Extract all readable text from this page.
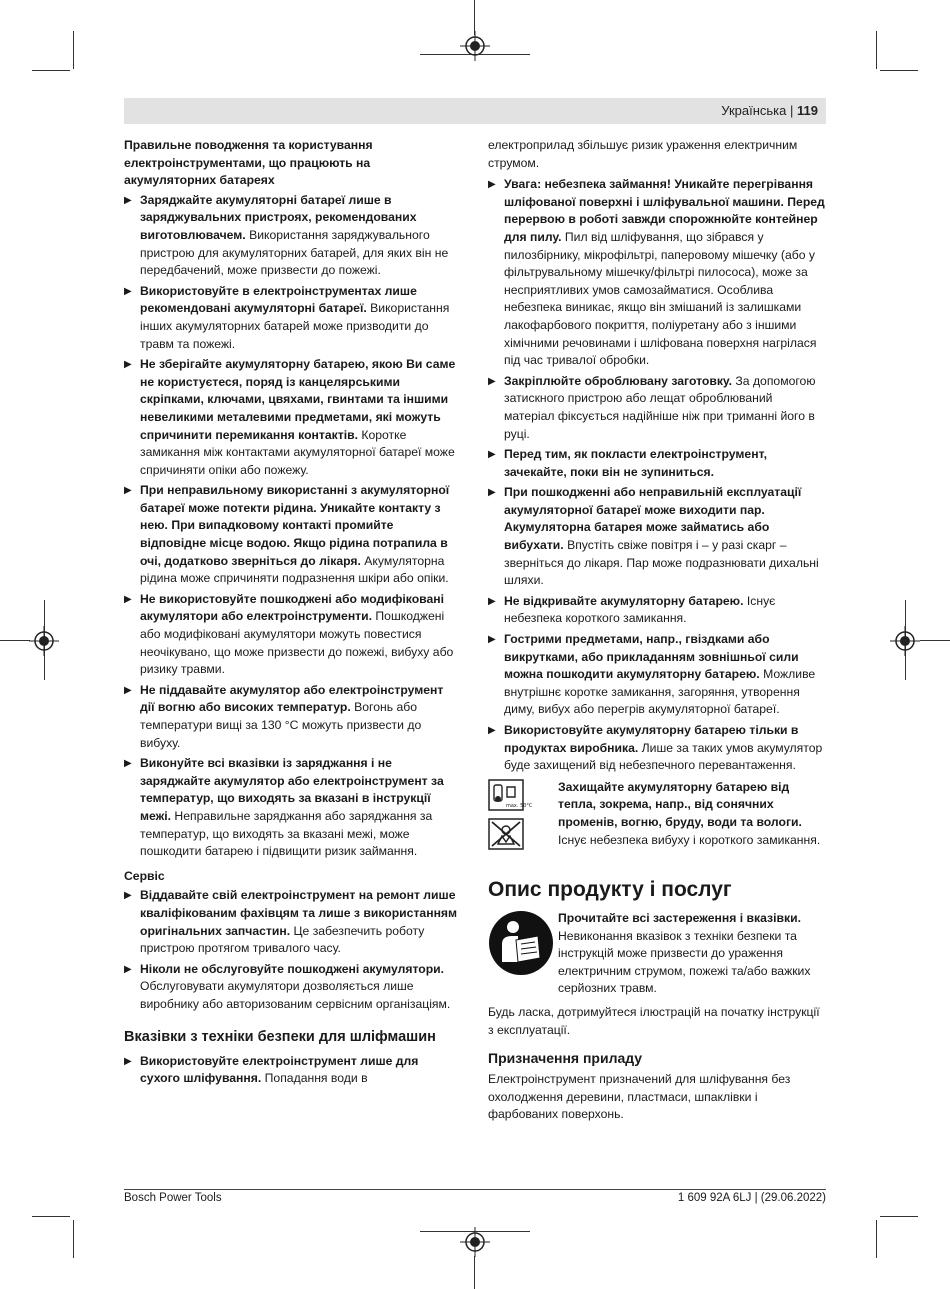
Українська | 119

Правильне поводження та користування електроінструментами, що працюють на акумуляторних батареях

▶ Заряджайте акумуляторні батареї лише в заряджувальних пристроях, рекомендованих виготовлювачем. Використання заряджувального пристрою для акумуляторних батарей, для яких він не передбачений, може призвести до пожежі.
▶ Використовуйте в електроінструментах лише рекомендовані акумуляторні батареї. Використання інших акумуляторних батарей може призводити до травм та пожежі.
▶ Не зберігайте акумуляторну батарею, якою Ви саме не користуєтеся, поряд із канцелярськими скріпками, ключами, цвяхами, гвинтами та іншими невеликими металевими предметами, які можуть спричинити перемикання контактів. Коротке замикання між контактами акумуляторної батареї може спричиняти опіки або пожежу.
▶ При неправильному використанні з акумуляторної батареї може потекти рідина. Уникайте контакту з нею. При випадковому контакті промийте відповідне місце водою. Якщо рідина потрапила в очі, додатково зверніться до лікаря. Акумуляторна рідина може спричиняти подразнення шкіри або опіки.
▶ Не використовуйте пошкоджені або модифіковані акумулятори або електроінструменти. Пошкоджені або модифіковані акумулятори можуть повестися неочікувано, що може призвести до пожежі, вибуху або ризику травми.
▶ Не піддавайте акумулятор або електроінструмент дії вогню або високих температур. Вогонь або температури вищі за 130 °C можуть призвести до вибуху.
▶ Виконуйте всі вказівки із заряджання і не заряджайте акумулятор або електроінструмент за температур, що виходять за вказані в інструкції межі. Неправильне заряджання або заряджання за температур, що виходять за вказані межі, може пошкодити батарею і підвищити ризик займання.

Сервіс

▶ Віддавайте свій електроінструмент на ремонт лише кваліфікованим фахівцям та лише з використанням оригінальних запчастин. Це забезпечить роботу пристрою протягом тривалого часу.
▶ Ніколи не обслуговуйте пошкоджені акумулятори. Обслуговувати акумулятори дозволяється лише виробнику або авторизованим сервісним організаціям.
Вказівки з техніки безпеки для шліфмашин
▶ Використовуйте електроінструмент лише для сухого шліфування. Попадання води в

електроприлад збільшує ризик ураження електричним струмом.

▶ Увага: небезпека займання! Уникайте перегрівання шліфованої поверхні і шліфувальної машини. Перед перервою в роботі завжди спорожнюйте контейнер для пилу. Пил від шліфування, що зібрався у пилозбірнику, мікрофільтрі, паперовому мішечку (або у фільтрувальному мішечку/фільтрі пилососа), може за несприятливих умов самозайматися. Особлива небезпека виникає, якщо він змішаний із залишками лакофарбового покриття, поліуретану або з іншими хімічними речовинами і шліфована поверхня нагрілася під час тривалої обробки.
▶ Закріплюйте оброблювану заготовку. За допомогою затискного пристрою або лещат оброблюваний матеріал фіксується надійніше ніж при триманні його в руці.
▶ Перед тим, як покласти електроінструмент, зачекайте, поки він не зупиниться.
▶ При пошкодженні або неправильній експлуатації акумуляторної батареї може виходити пар. Акумуляторна батарея може займатись або вибухати. Впустіть свіже повітря і – у разі скарг – зверніться до лікаря. Пар може подразнювати дихальні шляхи.
▶ Не відкривайте акумуляторну батарею. Існує небезпека короткого замикання.
▶ Гострими предметами, напр., гвіздками або викрутками, або прикладанням зовнішньої сили можна пошкодити акумуляторну батарею. Можливе внутрішнє коротке замикання, загоряння, утворення диму, вибух або перегрів акумуляторної батареї.
▶ Використовуйте акумуляторну батарею тільки в продуктах виробника. Лише за таких умов акумулятор буде захищений від небезпечного перевантаження.
max. 50°C

Захищайте акумуляторну батарею від тепла, зокрема, напр., від сонячних променів, вогню, бруду, води та вологи. Існує небезпека вибуху і короткого замикання.
Опис продукту і послуг
Прочитайте всі застереження і вказівки. Невиконання вказівок з техніки безпеки та інструкцій може призвести до ураження електричним струмом, пожежі та/або важких серйозних травм.

Будь ласка, дотримуйтеся ілюстрацій на початку інструкції з експлуатації.

Призначення приладу

Електроінструмент призначений для шліфування без охолодження деревини, пластмаси, шпаклівки і фарбованих поверхонь.

Bosch Power Tools	1 609 92A 6LJ | (29.06.2022)
